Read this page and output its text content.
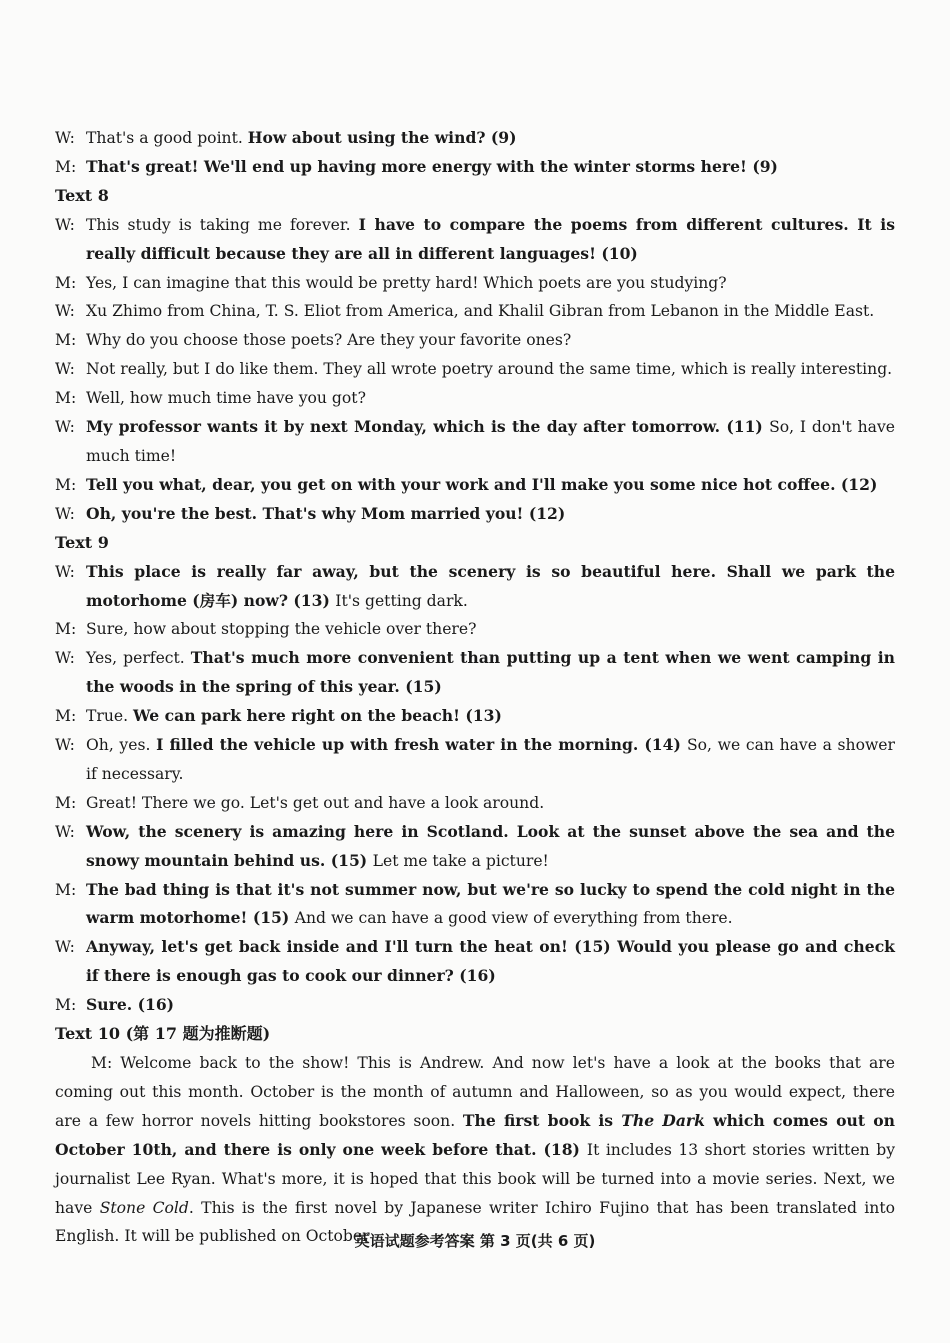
W: That's a good point. How about using the wind? (9)
M: That's great! We'll end up having more energy with the winter storms here! (9)
Text 8
W: This study is taking me forever. I have to compare the poems from different cultures. It is really difficult because they are all in different languages! (10)
M: Yes, I can imagine that this would be pretty hard! Which poets are you studying?
W: Xu Zhimo from China, T. S. Eliot from America, and Khalil Gibran from Lebanon in the Middle East.
M: Why do you choose those poets? Are they your favorite ones?
W: Not really, but I do like them. They all wrote poetry around the same time, which is really interesting.
M: Well, how much time have you got?
W: My professor wants it by next Monday, which is the day after tomorrow. (11) So, I don't have much time!
M: Tell you what, dear, you get on with your work and I'll make you some nice hot coffee. (12)
W: Oh, you're the best. That's why Mom married you! (12)
Text 9
W: This place is really far away, but the scenery is so beautiful here. Shall we park the motorhome (房车) now? (13) It's getting dark.
M: Sure, how about stopping the vehicle over there?
W: Yes, perfect. That's much more convenient than putting up a tent when we went camping in the woods in the spring of this year. (15)
M: True. We can park here right on the beach! (13)
W: Oh, yes. I filled the vehicle up with fresh water in the morning. (14) So, we can have a shower if necessary.
M: Great! There we go. Let's get out and have a look around.
W: Wow, the scenery is amazing here in Scotland. Look at the sunset above the sea and the snowy mountain behind us. (15) Let me take a picture!
M: The bad thing is that it's not summer now, but we're so lucky to spend the cold night in the warm motorhome! (15) And we can have a good view of everything from there.
W: Anyway, let's get back inside and I'll turn the heat on! (15) Would you please go and check if there is enough gas to cook our dinner? (16)
M: Sure. (16)
Text 10 (第 17 题为推断题)
M: Welcome back to the show! This is Andrew. And now let's have a look at the books that are coming out this month. October is the month of autumn and Halloween, so as you would expect, there are a few horror novels hitting bookstores soon. The first book is The Dark which comes out on October 10th, and there is only one week before that. (18) It includes 13 short stories written by journalist Lee Ryan. What's more, it is hoped that this book will be turned into a movie series. Next, we have Stone Cold. This is the first novel by Japanese writer Ichiro Fujino that has been translated into English. It will be published on October
英语试题参考答案 第 3 页(共 6 页)
